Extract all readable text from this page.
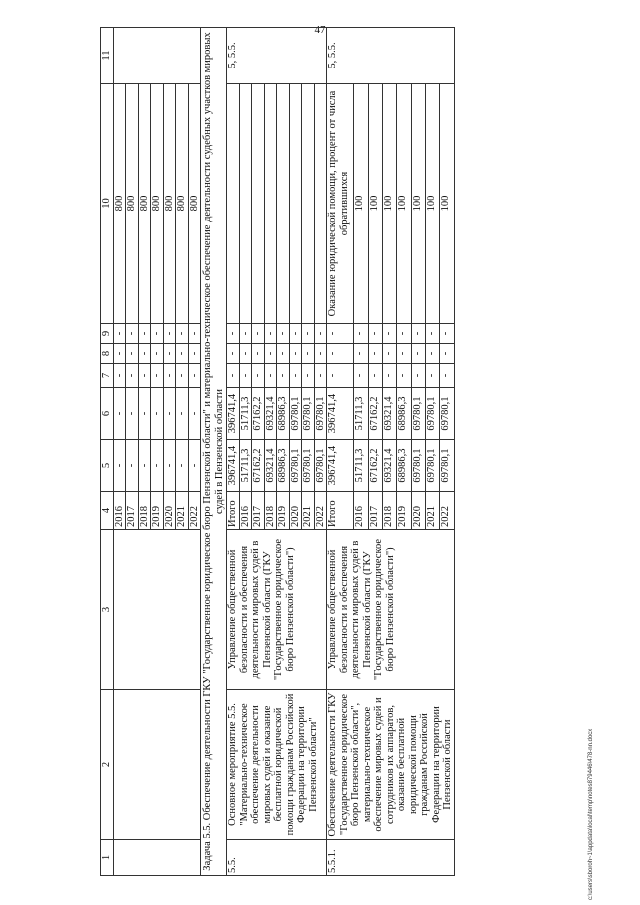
47
1	2	3	4	5	6	7	8	9	10	11
			2016	-	-	-	-	-	800	
			2017	-	-	-	-	-	800	
			2018	-	-	-	-	-	800	
			2019	-	-	-	-	-	800	
			2020	-	-	-	-	-	800	
			2021	-	-	-	-	-	800	
			2022	-	-	-	-	-	800	
Задача 5.5. Обеспечение деятельности ГКУ "Государственное юридическое бюро Пензенской области" и материально-техническое обеспечение деятельности судебных участков мировых судей в Пензенской области										
5.5.	Основное мероприятие 5.5. "Материально-техническое обеспечение деятельности мировых судей и оказание бесплатной юридической помощи гражданам Российской Федерации на территории Пензенской области"	Управление общественной безопасности и обеспечения деятельности мировых судей в Пензенской области (ГКУ "Государственное юридическое бюро Пензенской области")	Итого	396741,4	396741,4	-	-	-		5, 5.5.
			2016	51711,3	51711,3	-	-	-		
			2017	67162,2	67162,2	-	-	-		
			2018	69321,4	69321,4	-	-	-		
			2019	68986,3	68986,3	-	-	-		
			2020	69780,1	69780,1	-	-	-		
			2021	69780,1	69780,1	-	-	-		
			2022	69780,1	69780,1	-	-	-		
5.5.1.	Обеспечение деятельности ГКУ "Государственное юридическое бюро Пензенской области", материально-техническое обеспечение мировых судей и сотрудников их аппаратов, оказание бесплатной юридической помощи гражданам Российской Федерации на территории Пензенской области	Управление общественной безопасности и обеспечения деятельности мировых судей в Пензенской области (ГКУ "Государственное юридическое бюро Пензенской области")	Итого	396741,4	396741,4	-	-	-	Оказание юридической помощи, процент от числа обратившихся	5, 5.5.
			2016	51711,3	51711,3	-	-	-	100	
			2017	67162,2	67162,2	-	-	-	100	
			2018	69321,4	69321,4	-	-	-	100	
			2019	68986,3	68986,3	-	-	-	100	
			2020	69780,1	69780,1	-	-	-	100	
			2021	69780,1	69780,1	-	-	-	100	
			2022	69780,1	69780,1	-	-	-	100	
c:\users\sboroh~1\appdata\local\temp\notes879446\478-nn.docx
